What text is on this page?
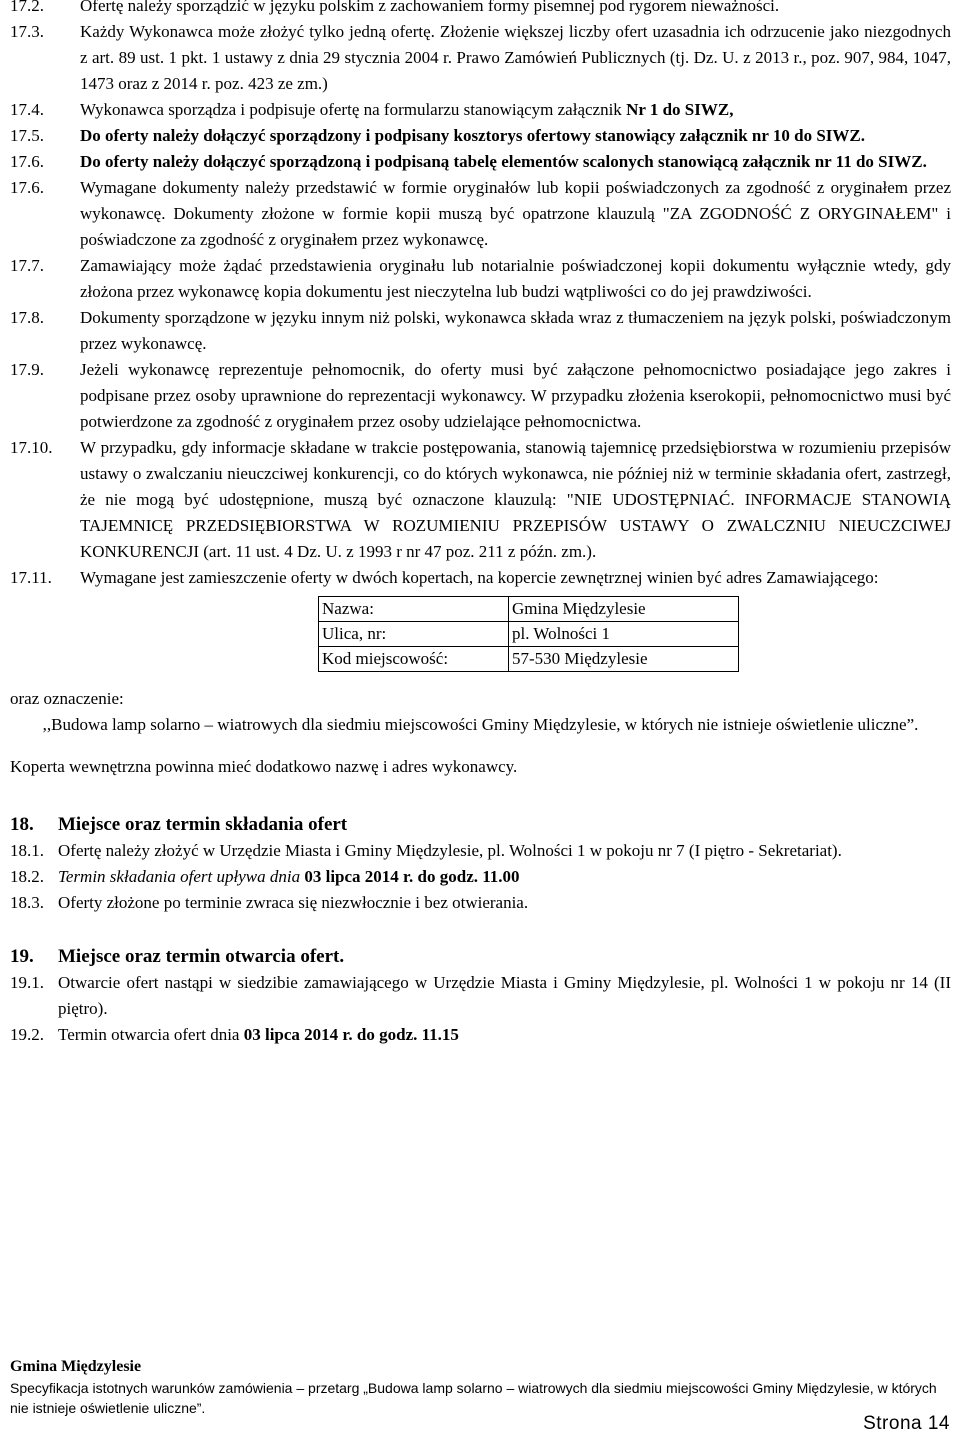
17.2.	Ofertę należy sporządzić w języku polskim z zachowaniem formy pisemnej pod rygorem nieważności.
17.3.	Każdy Wykonawca może złożyć tylko jedną ofertę. Złożenie większej liczby ofert uzasadnia ich odrzucenie jako niezgodnych z art. 89 ust. 1 pkt. 1 ustawy z dnia 29 stycznia 2004 r. Prawo Zamówień Publicznych (tj. Dz. U. z 2013 r., poz. 907, 984, 1047, 1473 oraz z 2014 r. poz. 423 ze zm.)
17.4.	Wykonawca sporządza i podpisuje ofertę na formularzu stanowiącym załącznik Nr 1 do SIWZ,
17.5.	Do oferty należy dołączyć sporządzony i podpisany kosztorys ofertowy stanowiący załącznik nr 10 do SIWZ.
17.6.	Do oferty należy dołączyć sporządzoną i podpisaną tabelę elementów scalonych stanowiącą załącznik nr 11 do SIWZ.
17.6.	Wymagane dokumenty należy przedstawić w formie oryginałów lub kopii poświadczonych za zgodność z oryginałem przez wykonawcę. Dokumenty złożone w formie kopii muszą być opatrzone klauzulą "ZA ZGODNOŚĆ Z ORYGINAŁEM" i poświadczone za zgodność z oryginałem przez wykonawcę.
17.7.	Zamawiający może żądać przedstawienia oryginału lub notarialnie poświadczonej kopii dokumentu wyłącznie wtedy, gdy złożona przez wykonawcę kopia dokumentu jest nieczytelna lub budzi wątpliwości co do jej prawdziwości.
17.8.	Dokumenty sporządzone w języku innym niż polski, wykonawca składa wraz z tłumaczeniem na język polski, poświadczonym przez wykonawcę.
17.9.	Jeżeli wykonawcę reprezentuje pełnomocnik, do oferty musi być załączone pełnomocnictwo posiadające jego zakres i podpisane przez osoby uprawnione do reprezentacji wykonawcy. W przypadku złożenia kserokopii, pełnomocnictwo musi być potwierdzone za zgodność z oryginałem przez osoby udzielające pełnomocnictwa.
17.10.	W przypadku, gdy informacje składane w trakcie postępowania, stanowią tajemnicę przedsiębiorstwa w rozumieniu przepisów ustawy o zwalczaniu nieuczciwej konkurencji, co do których wykonawca, nie później niż w terminie składania ofert, zastrzegł, że nie mogą być udostępnione, muszą być oznaczone klauzulą: "NIE UDOSTĘPNIAĆ. INFORMACJE STANOWIĄ TAJEMNICĘ PRZEDSIĘBIORSTWA W ROZUMIENIU PRZEPISÓW USTAWY O ZWALCZNIU NIEUCZCIWEJ KONKURENCJI (art. 11 ust. 4 Dz. U. z 1993 r nr 47 poz. 211 z późn. zm.).
17.11.	Wymagane jest zamieszczenie oferty w dwóch kopertach, na kopercie zewnętrznej winien być adres Zamawiającego:
Nazwa:	Gmina Międzylesie
Ulica, nr:	pl. Wolności 1
Kod miejscowość:	57-530 Międzylesie
oraz oznaczenie:
,,Budowa lamp solarno – wiatrowych dla siedmiu miejscowości Gminy Międzylesie, w których nie istnieje oświetlenie uliczne”.
Koperta wewnętrzna powinna mieć dodatkowo nazwę i adres wykonawcy.
18.	Miejsce oraz termin składania ofert
18.1. Ofertę należy złożyć w Urzędzie Miasta i Gminy Międzylesie, pl. Wolności 1 w pokoju nr 7 (I piętro - Sekretariat).
18.2. Termin składania ofert upływa dnia 03 lipca 2014 r. do godz. 11.00
18.3. Oferty złożone po terminie zwraca się niezwłocznie i bez otwierania.
19.	Miejsce oraz termin otwarcia ofert.
19.1. Otwarcie ofert nastąpi w siedzibie zamawiającego w Urzędzie Miasta i Gminy Międzylesie, pl. Wolności 1 w pokoju nr 14 (II piętro).
19.2. Termin otwarcia ofert dnia 03 lipca 2014 r. do godz. 11.15
Gmina Międzylesie
Specyfikacja istotnych warunków zamówienia – przetarg „Budowa lamp solarno – wiatrowych dla siedmiu miejscowości Gminy Międzylesie, w których nie istnieje oświetlenie uliczne”.
Strona 14
